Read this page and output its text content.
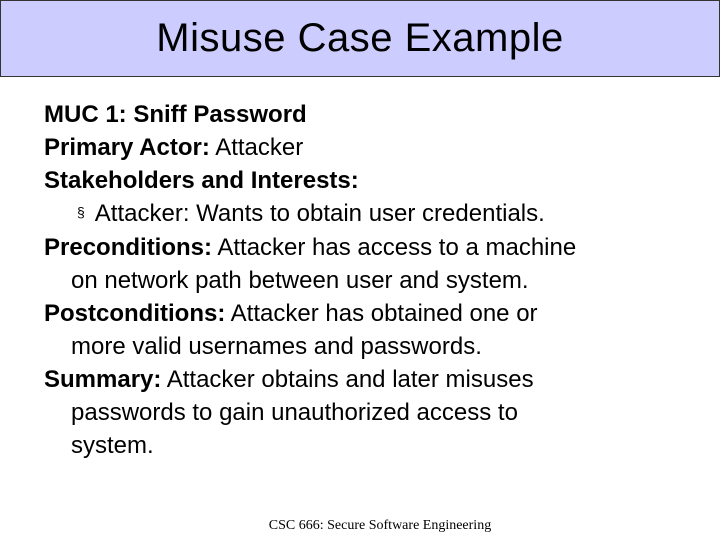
Misuse Case Example
MUC 1: Sniff Password
Primary Actor: Attacker
Stakeholders and Interests:
§ Attacker: Wants to obtain user credentials.
Preconditions: Attacker has access to a machine
on network path between user and system.
Postconditions: Attacker has obtained one or
more valid usernames and passwords.
Summary: Attacker obtains and later misuses
passwords to gain unauthorized access to
system.
CSC 666: Secure Software Engineering
